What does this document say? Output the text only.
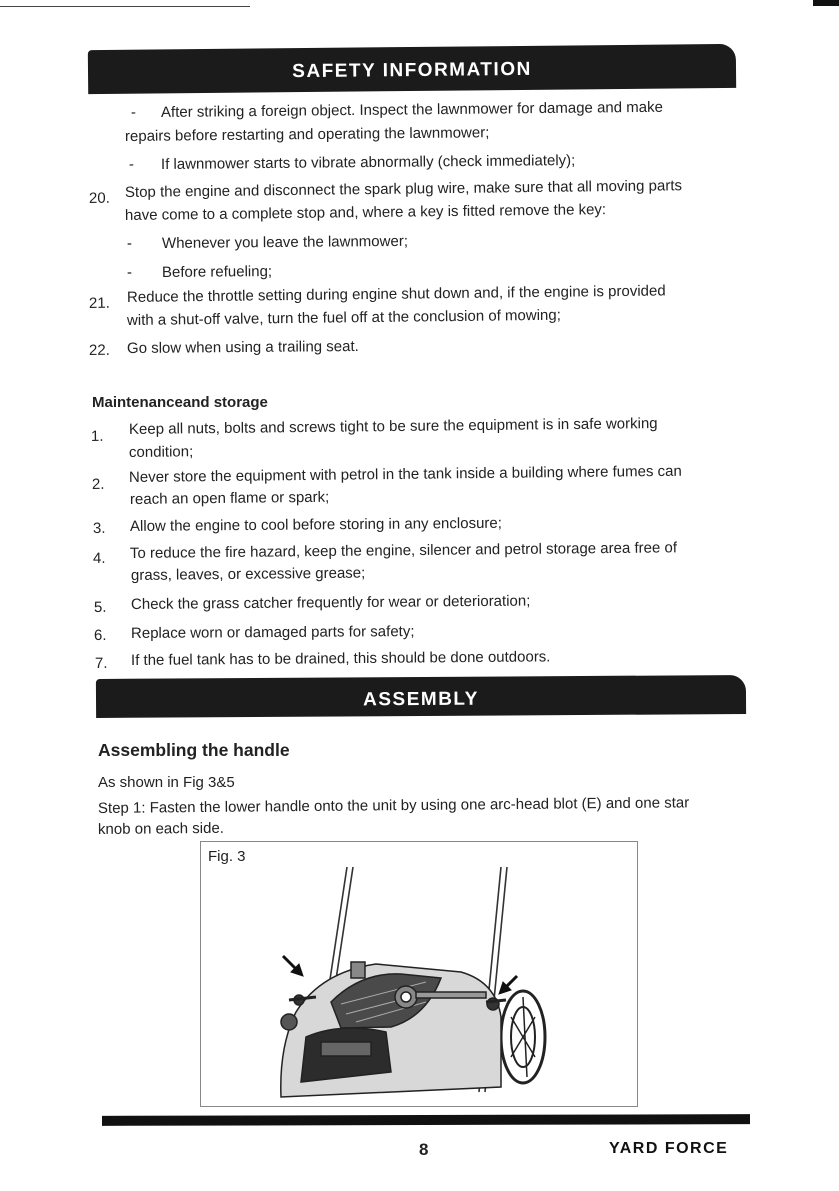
SAFETY INFORMATION
- After striking a foreign object. Inspect the lawnmower for damage and make
repairs before restarting and operating the lawnmower;
- If lawnmower starts to vibrate abnormally (check immediately);
20. Stop the engine and disconnect the spark plug wire, make sure that all moving parts
have come to a complete stop and, where a key is fitted remove the key:
- Whenever you leave the lawnmower;
- Before refueling;
21. Reduce the throttle setting during engine shut down and, if the engine is provided
with a shut-off valve, turn the fuel off at the conclusion of mowing;
22. Go slow when using a trailing seat.
Maintenanceand storage
1. Keep all nuts, bolts and screws tight to be sure the equipment is in safe working
condition;
2. Never store the equipment with petrol in the tank inside a building where fumes can
reach an open flame or spark;
3. Allow the engine to cool before storing in any enclosure;
4. To reduce the fire hazard, keep the engine, silencer and petrol storage area free of
grass, leaves, or excessive grease;
5. Check the grass catcher frequently for wear or deterioration;
6. Replace worn or damaged parts for safety;
7. If the fuel tank has to be drained, this should be done outdoors.
ASSEMBLY
Assembling the handle
As shown in Fig 3&5
Step 1: Fasten the lower handle onto the unit by using one arc-head blot (E) and one star
knob on each side.
Fig. 3
8	YARD FORCE
